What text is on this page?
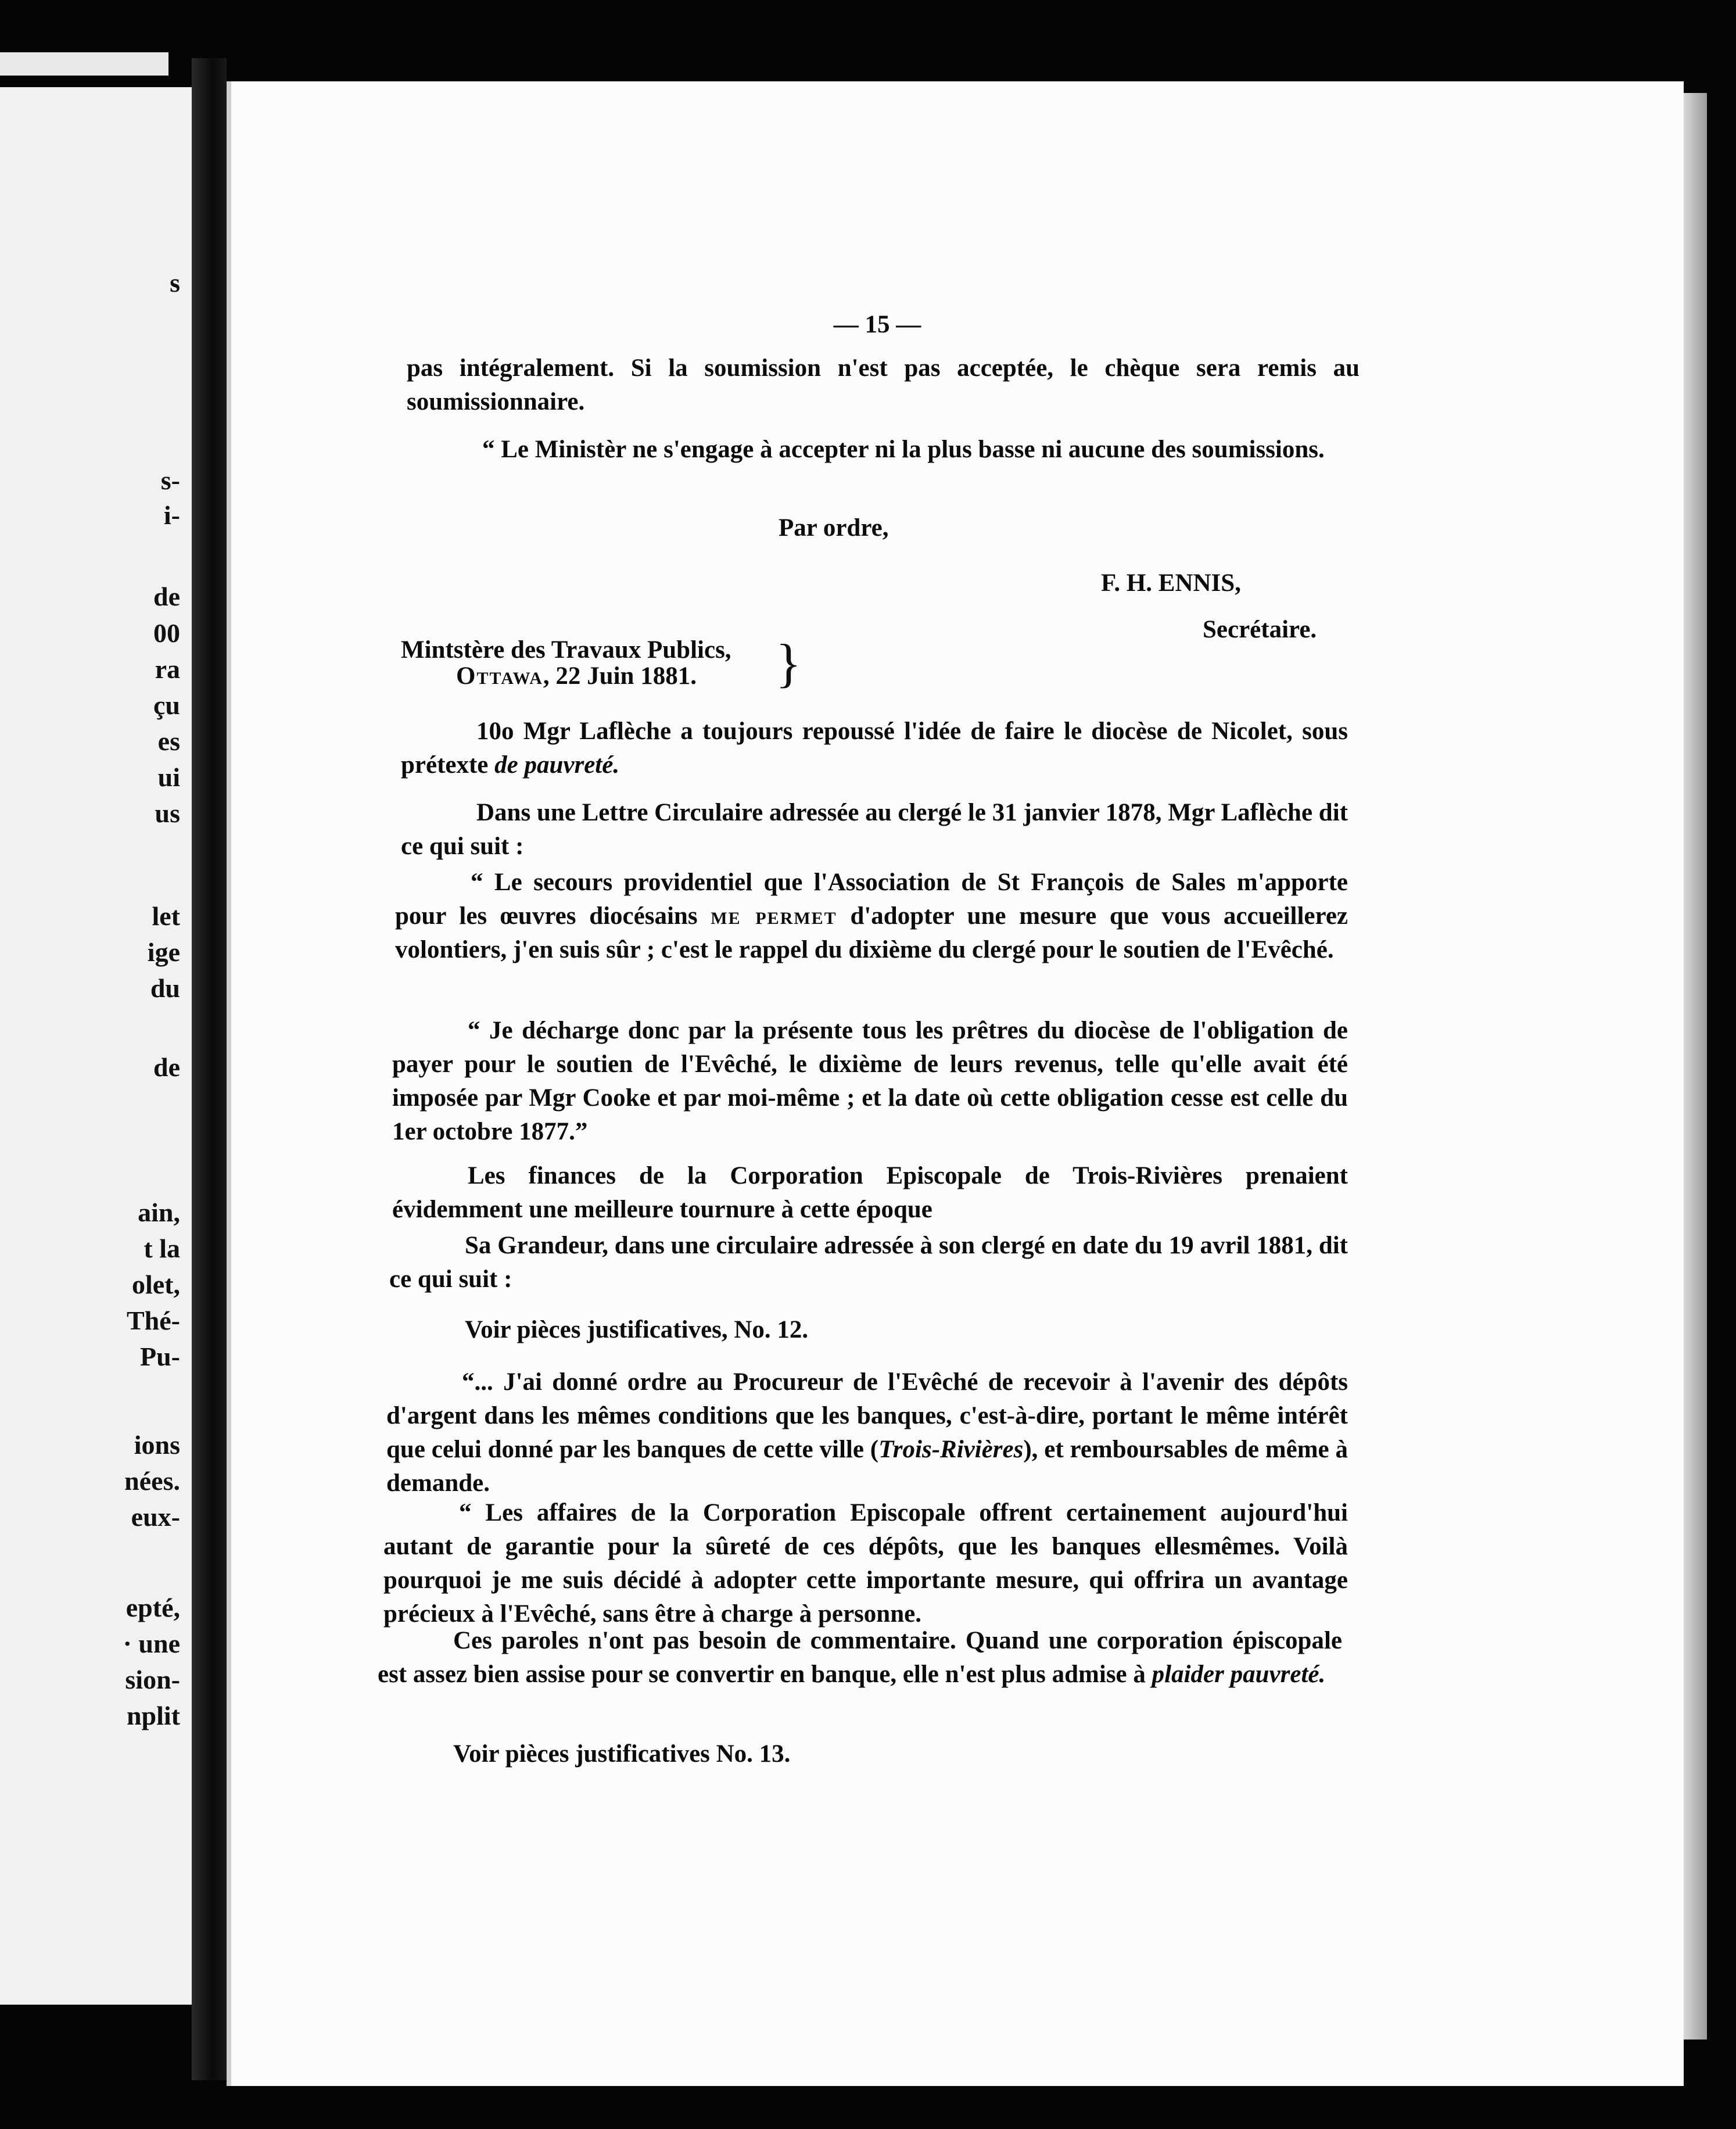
s
s-
i-
de
00
ra
çu
es
ui
us
let
ige
du
de
ain,
t la
olet,
Thé-
Pu-
ions
nées.
eux-
epté,
· une
sion-
nplit
— 15 —
pas intégralement. Si la soumission n'est pas acceptée, le chèque sera remis au soumissionnaire.
“ Le Ministèr ne s'engage à accepter ni la plus basse ni aucune des soumissions.
Par ordre,
F. H. ENNIS,
Secrétaire.
Mintstère des Travaux Publics,
Ottawa, 22 Juin 1881. }
10o Mgr Laflèche a toujours repoussé l'idée de faire le diocèse de Nicolet, sous prétexte de pauvreté.
Dans une Lettre Circulaire adressée au clergé le 31 janvier 1878, Mgr Laflèche dit ce qui suit :
“ Le secours providentiel que l'Association de St François de Sales m'apporte pour les œuvres diocésains me permet d'adopter une mesure que vous accueillerez volontiers, j'en suis sûr ; c'est le rappel du dixième du clergé pour le soutien de l'Evêché.
“ Je décharge donc par la présente tous les prêtres du diocèse de l'obligation de payer pour le soutien de l'Evêché, le dixième de leurs revenus, telle qu'elle avait été imposée par Mgr Cooke et par moi-même ; et la date où cette obligation cesse est celle du 1er octobre 1877.”
Les finances de la Corporation Episcopale de Trois-Rivières prenaient évidemment une meilleure tournure à cette époque
Sa Grandeur, dans une circulaire adressée à son clergé en date du 19 avril 1881, dit ce qui suit :
Voir pièces justificatives, No. 12.
“... J'ai donné ordre au Procureur de l'Evêché de recevoir à l'avenir des dépôts d'argent dans les mêmes conditions que les banques, c'est-à-dire, portant le même intérêt que celui donné par les banques de cette ville (Trois-Rivières), et remboursables de même à demande.
“ Les affaires de la Corporation Episcopale offrent certainement aujourd'hui autant de garantie pour la sûreté de ces dépôts, que les banques ellesmêmes. Voilà pourquoi je me suis décidé à adopter cette importante mesure, qui offrira un avantage précieux à l'Evêché, sans être à charge à personne.
Ces paroles n'ont pas besoin de commentaire. Quand une corporation épiscopale est assez bien assise pour se convertir en banque, elle n'est plus admise à plaider pauvreté.
Voir pièces justificatives No. 13.
